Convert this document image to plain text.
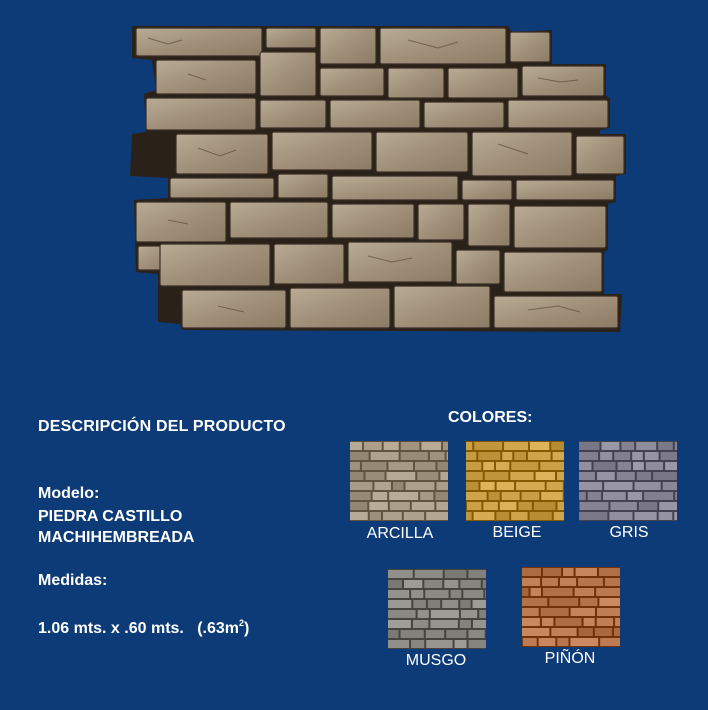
DESCRIPCIÓN DEL PRODUCTO
Modelo:
PIEDRA CASTILLO
MACHIHEMBREADA
Medidas:
1.06 mts. x .60 mts.   $(.63m^2)$
COLORES:
ARCILLA	BEIGE	GRIS
MUSGO	PIÑÓN
